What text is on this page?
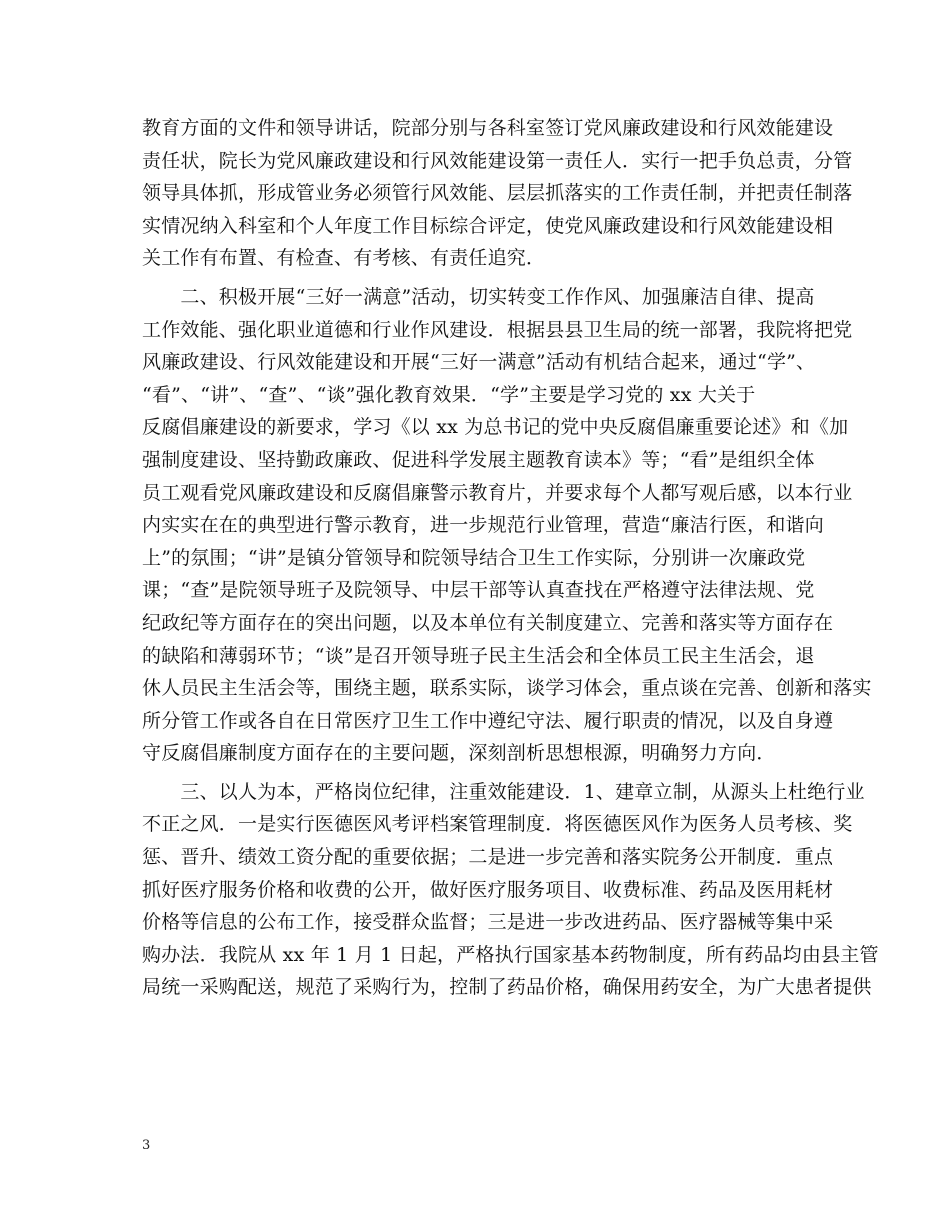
教育方面的文件和领导讲话，院部分别与各科室签订党风廉政建设和行风效能建设
责任状，院长为党风廉政建设和行风效能建设第一责任人．实行一把手负总责，分管
领导具体抓，形成管业务必须管行风效能、层层抓落实的工作责任制，并把责任制落
实情况纳入科室和个人年度工作目标综合评定，使党风廉政建设和行风效能建设相
关工作有布置、有检查、有考核、有责任追究．
　　二、积极开展“三好一满意”活动，切实转变工作作风、加强廉洁自律、提高
工作效能、强化职业道德和行业作风建设．根据县县卫生局的统一部署，我院将把党
风廉政建设、行风效能建设和开展“三好一满意”活动有机结合起来，通过“学”、
“看”、“讲”、“查”、“谈”强化教育效果．“学”主要是学习党的 xx 大关于
反腐倡廉建设的新要求，学习《以 xx 为总书记的党中央反腐倡廉重要论述》和《加
强制度建设、坚持勤政廉政、促进科学发展主题教育读本》等；“看”是组织全体
员工观看党风廉政建设和反腐倡廉警示教育片，并要求每个人都写观后感，以本行业
内实实在在的典型进行警示教育，进一步规范行业管理，营造“廉洁行医，和谐向
上”的氛围；“讲”是镇分管领导和院领导结合卫生工作实际，分别讲一次廉政党
课；“查”是院领导班子及院领导、中层干部等认真查找在严格遵守法律法规、党
纪政纪等方面存在的突出问题，以及本单位有关制度建立、完善和落实等方面存在
的缺陷和薄弱环节；“谈”是召开领导班子民主生活会和全体员工民主生活会，退
休人员民主生活会等，围绕主题，联系实际，谈学习体会，重点谈在完善、创新和落实
所分管工作或各自在日常医疗卫生工作中遵纪守法、履行职责的情况，以及自身遵
守反腐倡廉制度方面存在的主要问题，深刻剖析思想根源，明确努力方向．
　　三、以人为本，严格岗位纪律，注重效能建设．1、建章立制，从源头上杜绝行业
不正之风．一是实行医德医风考评档案管理制度．将医德医风作为医务人员考核、奖
惩、晋升、绩效工资分配的重要依据；二是进一步完善和落实院务公开制度．重点
抓好医疗服务价格和收费的公开，做好医疗服务项目、收费标准、药品及医用耗材
价格等信息的公布工作，接受群众监督；三是进一步改进药品、医疗器械等集中采
购办法．我院从 xx 年 1 月 1 日起，严格执行国家基本药物制度，所有药品均由县主管
局统一采购配送，规范了采购行为，控制了药品价格，确保用药安全，为广大患者提供
3
